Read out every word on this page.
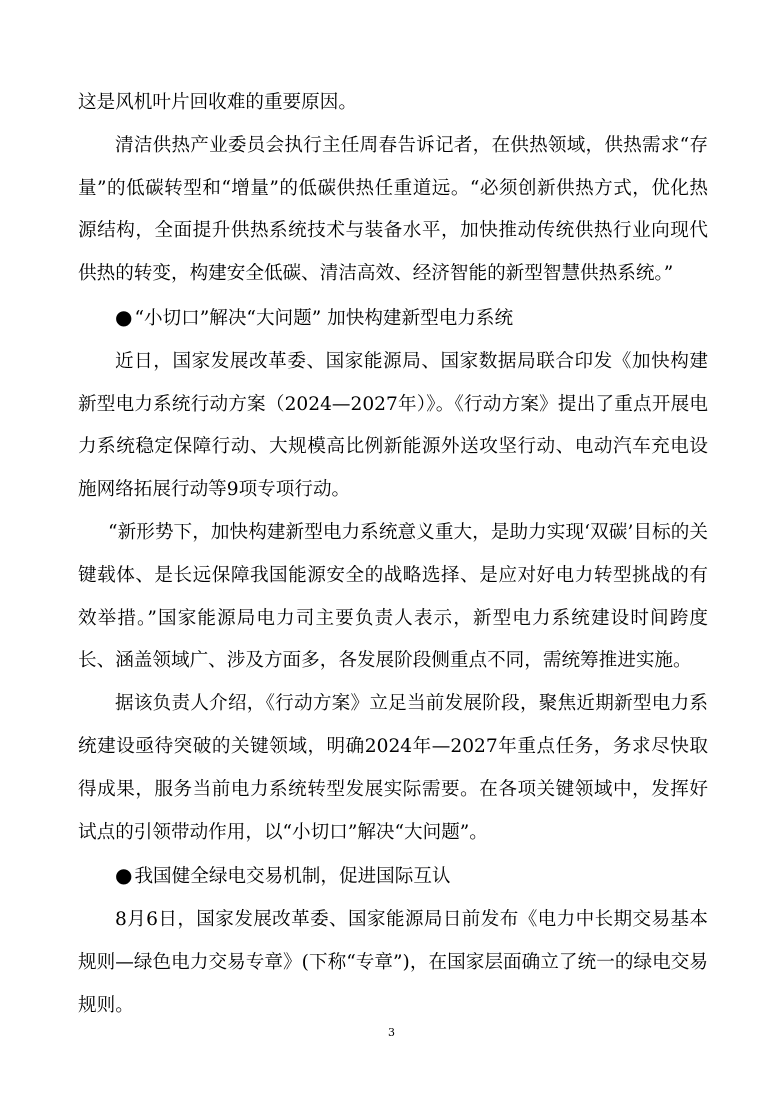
这是风机叶片回收难的重要原因。

清洁供热产业委员会执行主任周春告诉记者，在供热领域，供热需求“存量”的低碳转型和“增量”的低碳供热任重道远。“必须创新供热方式，优化热源结构，全面提升供热系统技术与装备水平，加快推动传统供热行业向现代供热的转变，构建安全低碳、清洁高效、经济智能的新型智慧供热系统。”

● “小切口”解决“大问题” 加快构建新型电力系统

近日，国家发展改革委、国家能源局、国家数据局联合印发《加快构建新型电力系统行动方案（2024—2027年）》。《行动方案》提出了重点开展电力系统稳定保障行动、大规模高比例新能源外送攻坚行动、电动汽车充电设施网络拓展行动等9项专项行动。

“新形势下，加快构建新型电力系统意义重大，是助力实现‘双碳’目标的关键载体、是长远保障我国能源安全的战略选择、是应对好电力转型挑战的有效举措。”国家能源局电力司主要负责人表示，新型电力系统建设时间跨度长、涵盖领域广、涉及方面多，各发展阶段侧重点不同，需统筹推进实施。

据该负责人介绍，《行动方案》立足当前发展阶段，聚焦近期新型电力系统建设亟待突破的关键领域，明确2024年—2027年重点任务，务求尽快取得成果，服务当前电力系统转型发展实际需要。在各项关键领域中，发挥好试点的引领带动作用，以“小切口”解决“大问题”。

● 我国健全绿电交易机制，促进国际互认

8月6日，国家发展改革委、国家能源局日前发布《电力中长期交易基本规则—绿色电力交易专章》(下称“专章”)，在国家层面确立了统一的绿电交易规则。

3
